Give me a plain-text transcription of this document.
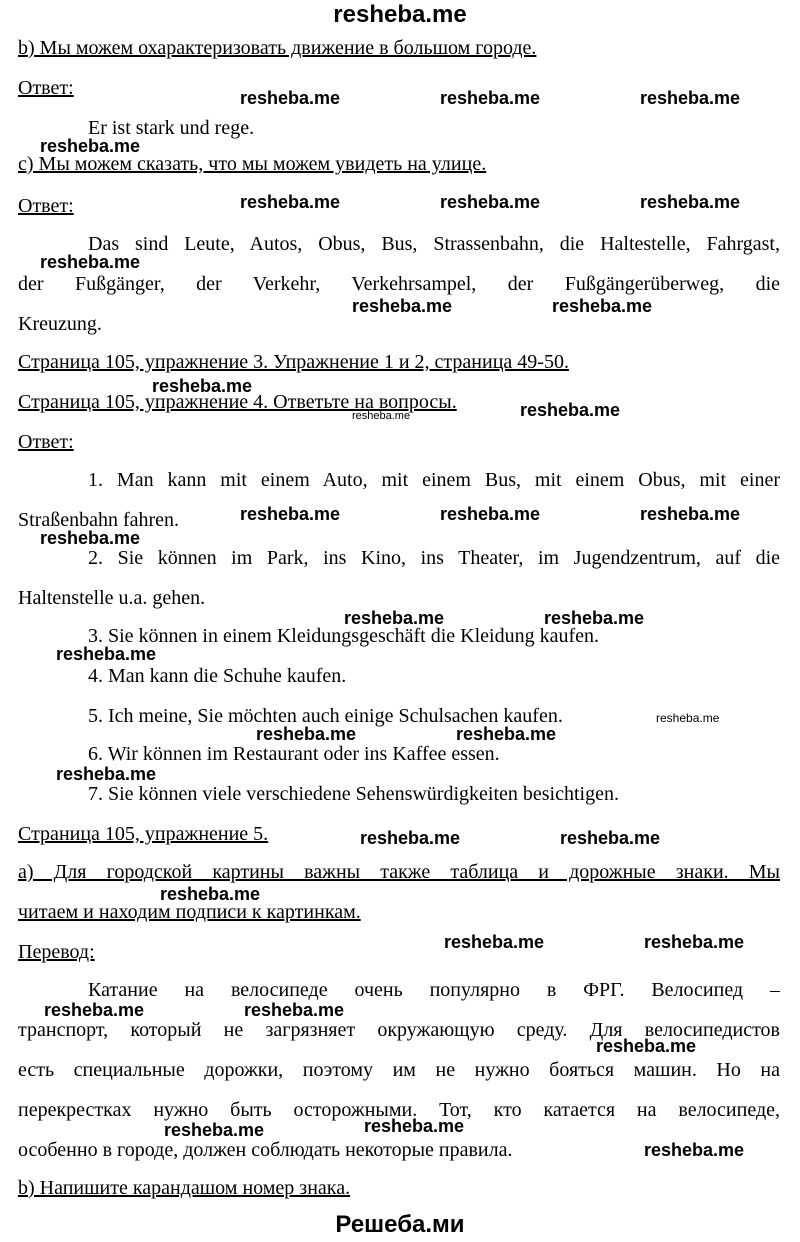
resheba.me
b) Мы можем охарактеризовать движение в большом городе.
Ответ:
Er ist stark und rege.
c) Мы можем сказать, что мы можем увидеть на улице.
Ответ:
Das sind Leute, Autos, Obus, Bus, Strassenbahn, die Haltestelle, Fahrgast,
der Fußgänger, der Verkehr, Verkehrsampel, der Fußgängerüberweg, die
Kreuzung.
Страница 105, упражнение 3. Упражнение 1 и 2, страница 49-50.
Страница 105, упражнение 4. Ответьте на вопросы.
Ответ:
1. Man kann mit einem Auto, mit einem Bus, mit einem Obus, mit einer
Straßenbahn fahren.
2. Sie können im Park, ins Kino, ins Theater, im Jugendzentrum, auf die
Haltenstelle u.a. gehen.
3. Sie können in einem Kleidungsgeschäft die Kleidung kaufen.
4. Man kann die Schuhe kaufen.
5. Ich meine, Sie möchten auch einige Schulsachen kaufen.
6. Wir können im Restaurant oder ins Kaffee essen.
7. Sie können viele verschiedene Sehenswürdigkeiten besichtigen.
Страница 105, упражнение 5.
a) Для городской картины важны также таблица и дорожные знаки. Мы
читаем и находим подписи к картинкам.
Перевод:
Катание на велосипеде очень популярно в ФРГ. Велосипед –
транспорт, который не загрязняет окружающую среду. Для велосипедистов
есть специальные дорожки, поэтому им не нужно бояться машин. Но на
перекрестках нужно быть осторожными. Тот, кто катается на велосипеде,
особенно в городе, должен соблюдать некоторые правила.
b) Напишите карандашом номер знака.
resheba.me	resheba.me	resheba.me
resheba.me
resheba.me	resheba.me	resheba.me
resheba.me
resheba.me	resheba.me
resheba.me
resheba.me	resheba.me
resheba.me	resheba.me	resheba.me
resheba.me
resheba.me	resheba.me
resheba.me
resheba.me
resheba.me	resheba.me
resheba.me
resheba.me	resheba.me
resheba.me
resheba.me	resheba.me
resheba.me	resheba.me
resheba.me
resheba.me	resheba.me
resheba.me
Решеба.ми
